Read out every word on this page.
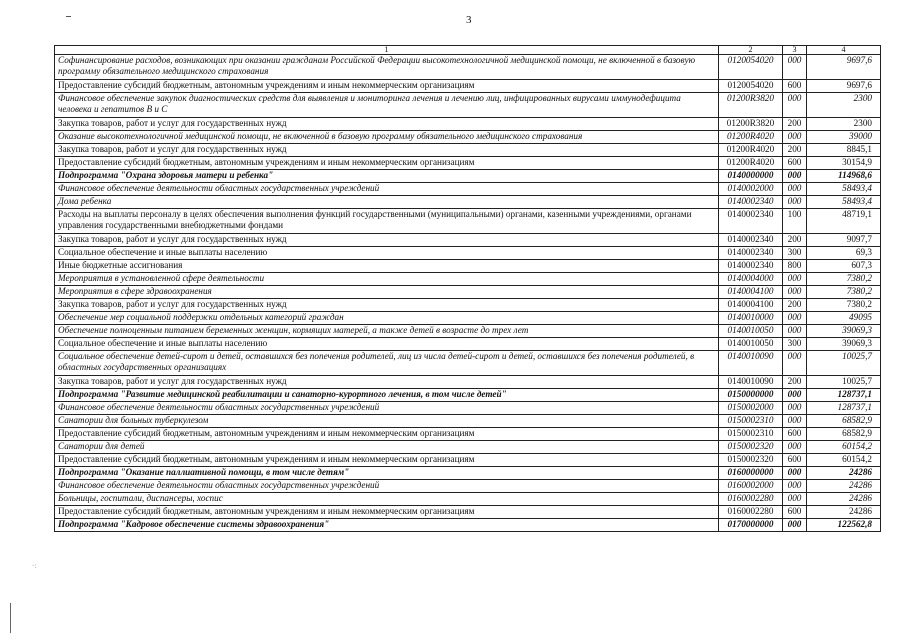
3
·:
1	2	3	4
Софинансирование расходов, возникающих при оказании гражданам Российской Федерации высокотехнологичной медицинской помощи, не включенной в базовую программу обязательного медицинского страхования	0120054020	000	9697,6
Предоставление субсидий бюджетным, автономным учреждениям и иным некоммерческим организациям	0120054020	600	9697,6
Финансовое обеспечение закупок диагностических средств для выявления и мониторинга лечения и лечению лиц, инфицированных вирусами иммунодефицита человека и гепатитов В и С	01200R3820	000	2300
Закупка товаров, работ и услуг для государственных нужд	01200R3820	200	2300
Оказание высокотехнологичной медицинской помощи, не включенной в базовую программу обязательного медицинского страхования	01200R4020	000	39000
Закупка товаров, работ и услуг для государственных нужд	01200R4020	200	8845,1
Предоставление субсидий бюджетным, автономным учреждениям и иным некоммерческим организациям	01200R4020	600	30154,9
Подпрограмма "Охрана здоровья матери и ребенка"	0140000000	000	114968,6
Финансовое обеспечение деятельности областных государственных учреждений	0140002000	000	58493,4
Дома ребенка	0140002340	000	58493,4
Расходы на выплаты персоналу в целях обеспечения выполнения функций государственными (муниципальными) органами, казенными учреждениями, органами управления государственными внебюджетными фондами	0140002340	100	48719,1
Закупка товаров, работ и услуг для государственных нужд	0140002340	200	9097,7
Социальное обеспечение и иные выплаты населению	0140002340	300	69,3
Иные бюджетные ассигнования	0140002340	800	607,3
Мероприятия в установленной сфере деятельности	0140004000	000	7380,2
Мероприятия в сфере здравоохранения	0140004100	000	7380,2
Закупка товаров, работ и услуг для государственных нужд	0140004100	200	7380,2
Обеспечение мер социальной поддержки отдельных категорий граждан	0140010000	000	49095
Обеспечение полноценным питанием беременных женщин, кормящих матерей, а также детей в возрасте до трех лет	0140010050	000	39069,3
Социальное обеспечение и иные выплаты населению	0140010050	300	39069,3
Социальное обеспечение детей-сирот и детей, оставшихся без попечения родителей, лиц из числа детей-сирот и детей, оставшихся без попечения родителей, в областных государственных организациях	0140010090	000	10025,7
Закупка товаров, работ и услуг для государственных нужд	0140010090	200	10025,7
Подпрограмма "Развитие медицинской реабилитации и санаторно-курортного лечения, в том числе детей"	0150000000	000	128737,1
Финансовое обеспечение деятельности областных государственных учреждений	0150002000	000	128737,1
Санатории для больных туберкулезом	0150002310	000	68582,9
Предоставление субсидий бюджетным, автономным учреждениям и иным некоммерческим организациям	0150002310	600	68582,9
Санатории для детей	0150002320	000	60154,2
Предоставление субсидий бюджетным, автономным учреждениям и иным некоммерческим организациям	0150002320	600	60154,2
Подпрограмма "Оказание паллиативной помощи, в том числе детям"	0160000000	000	24286
Финансовое обеспечение деятельности областных государственных учреждений	0160002000	000	24286
Больницы, госпитали, диспансеры, хоспис	0160002280	000	24286
Предоставление субсидий бюджетным, автономным учреждениям и иным некоммерческим организациям	0160002280	600	24286
Подпрограмма "Кадровое обеспечение системы здравоохранения"	0170000000	000	122562,8
